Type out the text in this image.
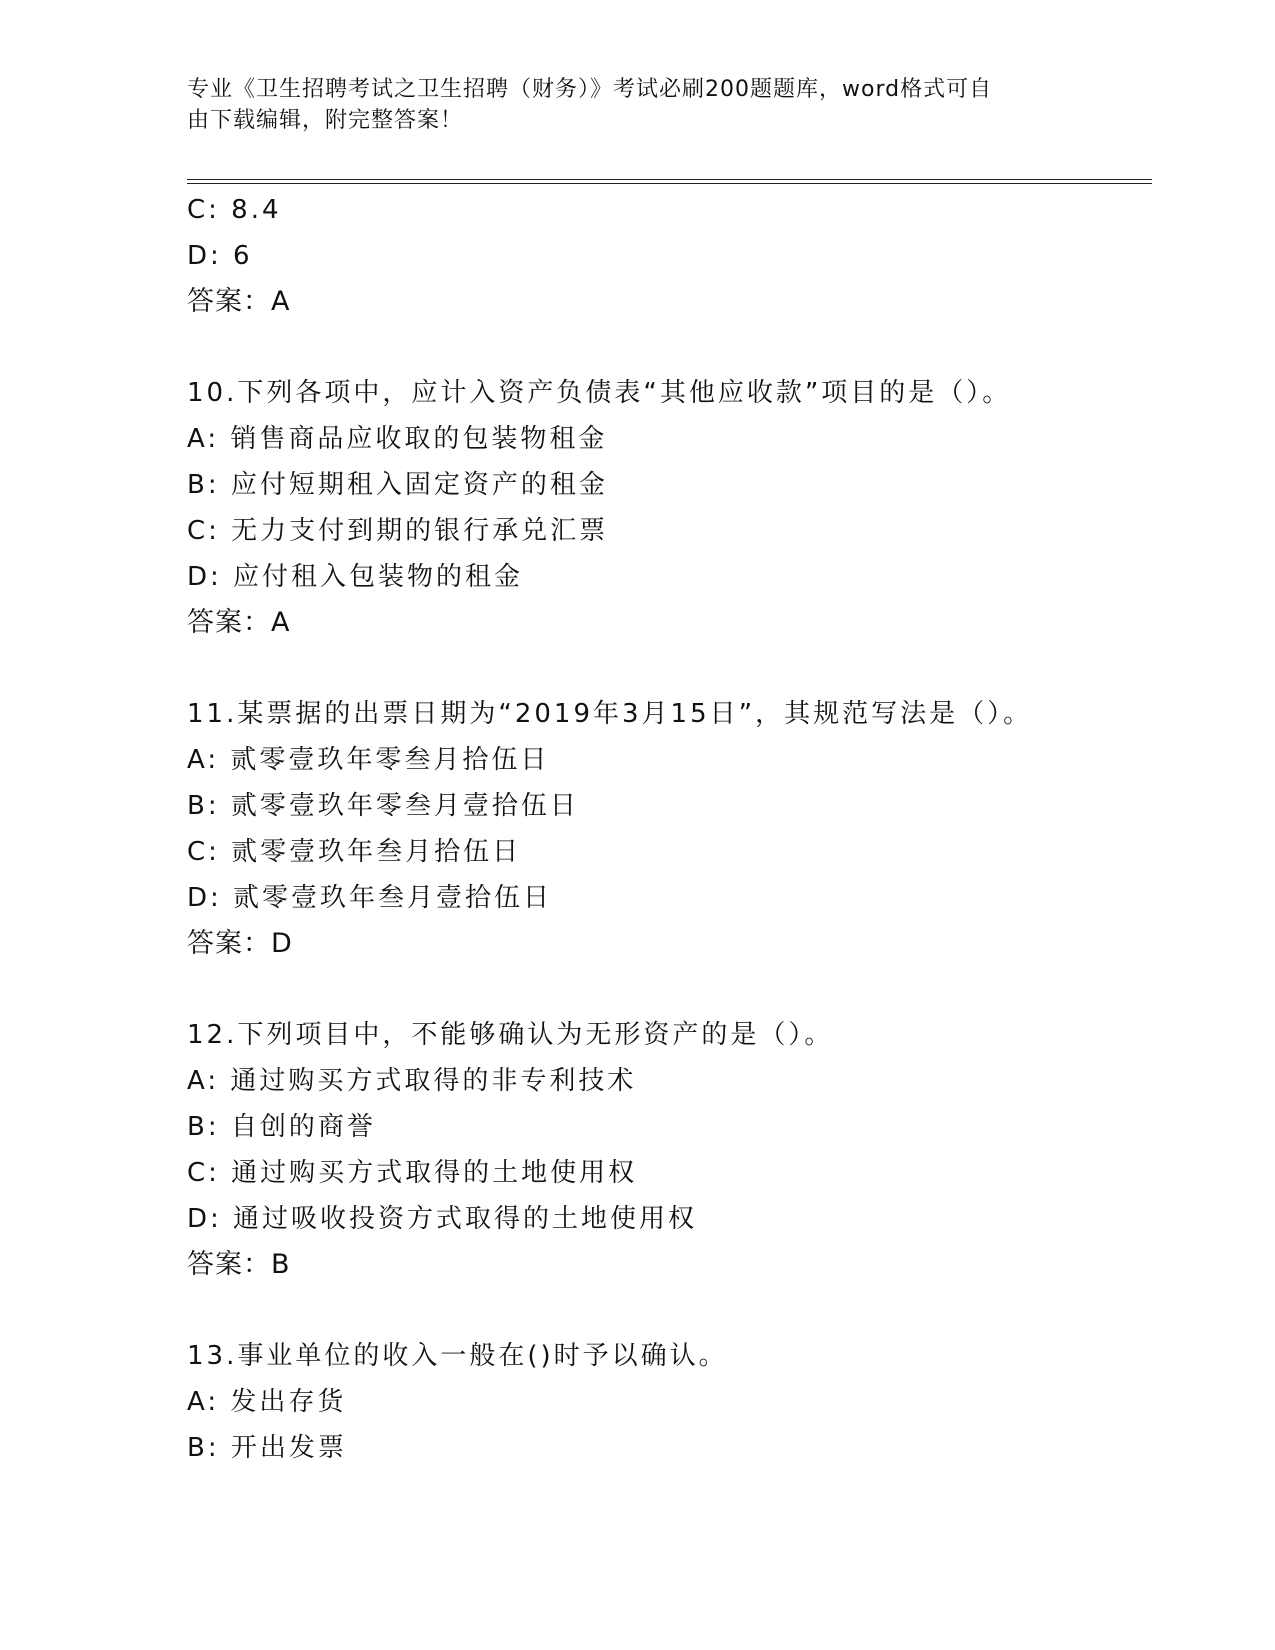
专业《卫生招聘考试之卫生招聘（财务）》考试必刷200题题库，word格式可自
由下载编辑，附完整答案！
C: 8.4
D: 6
答案：A
10.下列各项中，应计入资产负债表“其他应收款”项目的是（）。
A: 销售商品应收取的包装物租金
B: 应付短期租入固定资产的租金
C: 无力支付到期的银行承兑汇票
D: 应付租入包装物的租金
答案：A
11.某票据的出票日期为“2019年3月15日”，其规范写法是（）。
A: 贰零壹玖年零叁月拾伍日
B: 贰零壹玖年零叁月壹拾伍日
C: 贰零壹玖年叁月拾伍日
D: 贰零壹玖年叁月壹拾伍日
答案：D
12.下列项目中，不能够确认为无形资产的是（）。
A: 通过购买方式取得的非专利技术
B: 自创的商誉
C: 通过购买方式取得的土地使用权
D: 通过吸收投资方式取得的土地使用权
答案：B
13.事业单位的收入一般在()时予以确认。
A: 发出存货
B: 开出发票
